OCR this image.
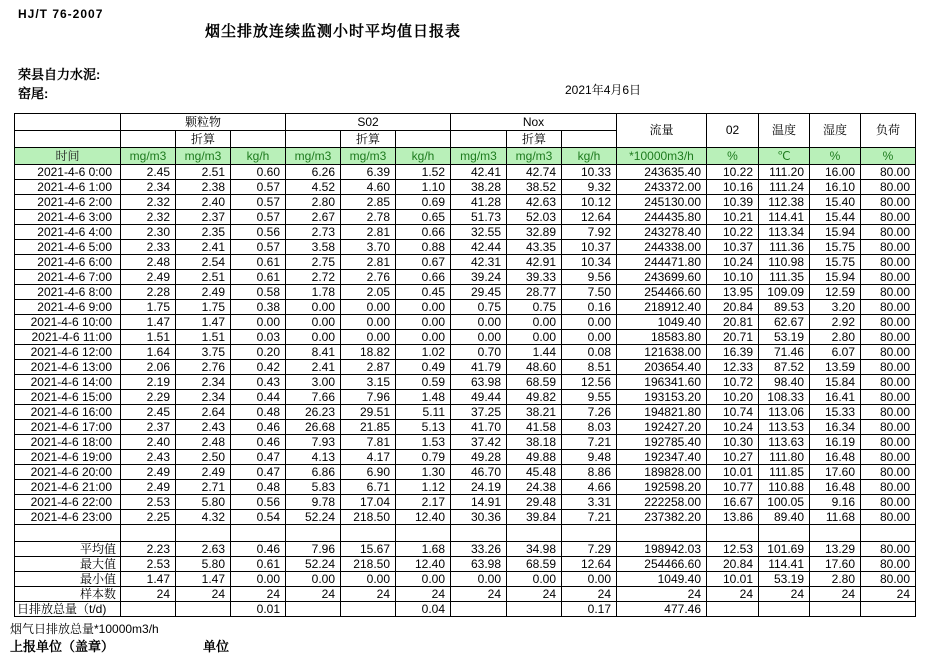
HJ/T 76-2007
烟尘排放连续监测小时平均值日报表
荣县自力水泥:
窑尾:	2021年4月6日
	颗粒物			S02			Nox			流量	02	温度	湿度	负荷
		折算			折算			折算						
时间	mg/m3	mg/m3	kg/h	mg/m3	mg/m3	kg/h	mg/m3	mg/m3	kg/h	*10000m3/h	%	℃	%	%
2021-4-6 0:00	2.45	2.51	0.60	6.26	6.39	1.52	42.41	42.74	10.33	243635.40	10.22	111.20	16.00	80.00
2021-4-6 1:00	2.34	2.38	0.57	4.52	4.60	1.10	38.28	38.52	9.32	243372.00	10.16	111.24	16.10	80.00
2021-4-6 2:00	2.32	2.40	0.57	2.80	2.85	0.69	41.28	42.63	10.12	245130.00	10.39	112.38	15.40	80.00
2021-4-6 3:00	2.32	2.37	0.57	2.67	2.78	0.65	51.73	52.03	12.64	244435.80	10.21	114.41	15.44	80.00
2021-4-6 4:00	2.30	2.35	0.56	2.73	2.81	0.66	32.55	32.89	7.92	243278.40	10.22	113.34	15.94	80.00
2021-4-6 5:00	2.33	2.41	0.57	3.58	3.70	0.88	42.44	43.35	10.37	244338.00	10.37	111.36	15.75	80.00
2021-4-6 6:00	2.48	2.54	0.61	2.75	2.81	0.67	42.31	42.91	10.34	244471.80	10.24	110.98	15.75	80.00
2021-4-6 7:00	2.49	2.51	0.61	2.72	2.76	0.66	39.24	39.33	9.56	243699.60	10.10	111.35	15.94	80.00
2021-4-6 8:00	2.28	2.49	0.58	1.78	2.05	0.45	29.45	28.77	7.50	254466.60	13.95	109.09	12.59	80.00
2021-4-6 9:00	1.75	1.75	0.38	0.00	0.00	0.00	0.75	0.75	0.16	218912.40	20.84	89.53	3.20	80.00
2021-4-6 10:00	1.47	1.47	0.00	0.00	0.00	0.00	0.00	0.00	0.00	1049.40	20.81	62.67	2.92	80.00
2021-4-6 11:00	1.51	1.51	0.03	0.00	0.00	0.00	0.00	0.00	0.00	18583.80	20.71	53.19	2.80	80.00
2021-4-6 12:00	1.64	3.75	0.20	8.41	18.82	1.02	0.70	1.44	0.08	121638.00	16.39	71.46	6.07	80.00
2021-4-6 13:00	2.06	2.76	0.42	2.41	2.87	0.49	41.79	48.60	8.51	203654.40	12.33	87.52	13.59	80.00
2021-4-6 14:00	2.19	2.34	0.43	3.00	3.15	0.59	63.98	68.59	12.56	196341.60	10.72	98.40	15.84	80.00
2021-4-6 15:00	2.29	2.34	0.44	7.66	7.96	1.48	49.44	49.82	9.55	193153.20	10.20	108.33	16.41	80.00
2021-4-6 16:00	2.45	2.64	0.48	26.23	29.51	5.11	37.25	38.21	7.26	194821.80	10.74	113.06	15.33	80.00
2021-4-6 17:00	2.37	2.43	0.46	26.68	21.85	5.13	41.70	41.58	8.03	192427.20	10.24	113.53	16.34	80.00
2021-4-6 18:00	2.40	2.48	0.46	7.93	7.81	1.53	37.42	38.18	7.21	192785.40	10.30	113.63	16.19	80.00
2021-4-6 19:00	2.43	2.50	0.47	4.13	4.17	0.79	49.28	49.88	9.48	192347.40	10.27	111.80	16.48	80.00
2021-4-6 20:00	2.49	2.49	0.47	6.86	6.90	1.30	46.70	45.48	8.86	189828.00	10.01	111.85	17.60	80.00
2021-4-6 21:00	2.49	2.71	0.48	5.83	6.71	1.12	24.19	24.38	4.66	192598.20	10.77	110.88	16.48	80.00
2021-4-6 22:00	2.53	5.80	0.56	9.78	17.04	2.17	14.91	29.48	3.31	222258.00	16.67	100.05	9.16	80.00
2021-4-6 23:00	2.25	4.32	0.54	52.24	218.50	12.40	30.36	39.84	7.21	237382.20	13.86	89.40	11.68	80.00

平均值	2.23	2.63	0.46	7.96	15.67	1.68	33.26	34.98	7.29	198942.03	12.53	101.69	13.29	80.00
最大值	2.53	5.80	0.61	52.24	218.50	12.40	63.98	68.59	12.64	254466.60	20.84	114.41	17.60	80.00
最小值	1.47	1.47	0.00	0.00	0.00	0.00	0.00	0.00	0.00	1049.40	10.01	53.19	2.80	80.00
样本数	24	24	24	24	24	24	24	24	24	24	24	24	24	24
日排放总量（t/d)			0.01			0.04			0.17	477.46				
烟气日排放总量*10000m3/h
上报单位（盖章）	单位
